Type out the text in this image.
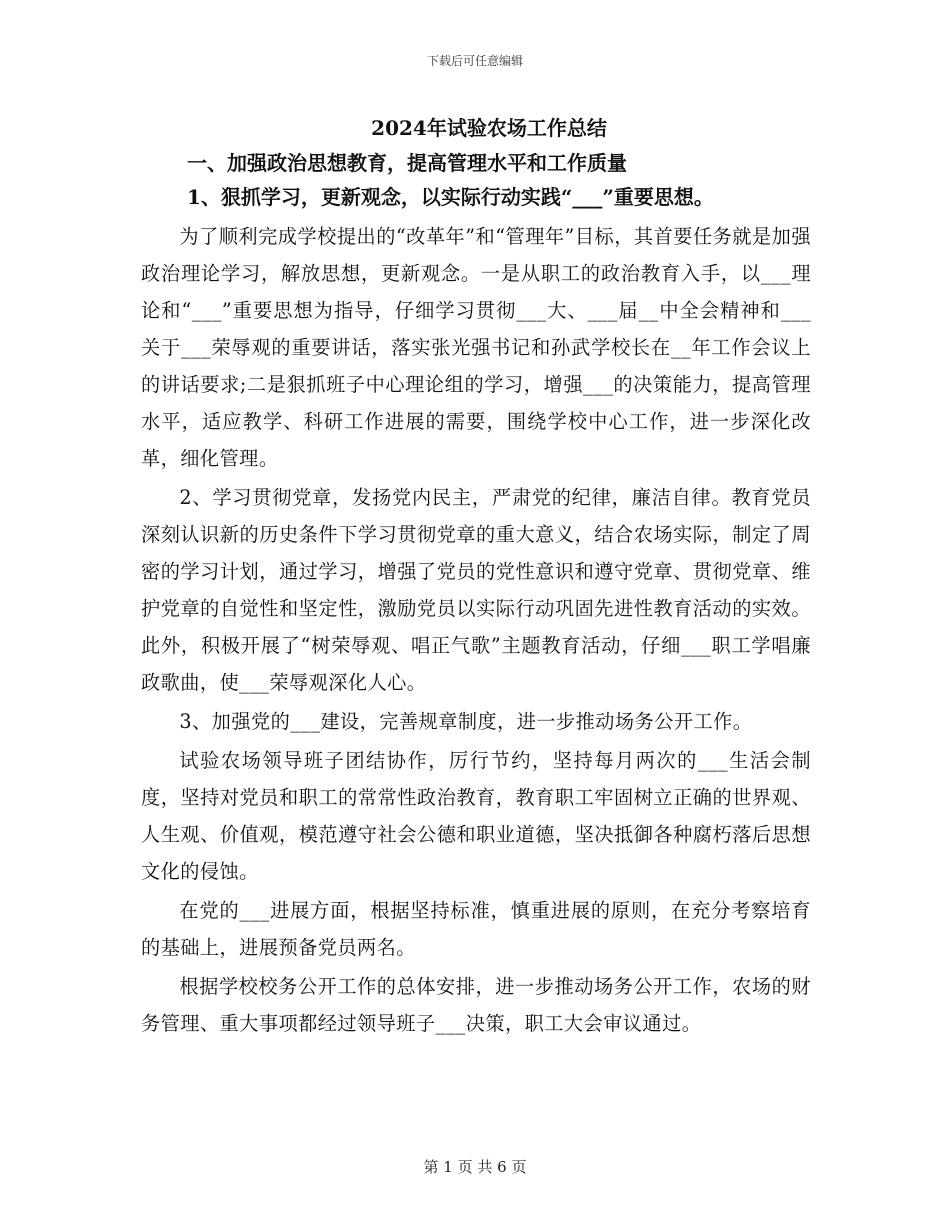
下载后可任意编辑
2024年试验农场工作总结
一、加强政治思想教育，提高管理水平和工作质量
1、狠抓学习，更新观念，以实际行动实践“___”重要思想。

为了顺利完成学校提出的“改革年”和“管理年”目标，其首要任务就是加强政治理论学习，解放思想，更新观念。一是从职工的政治教育入手，以___理论和“___”重要思想为指导，仔细学习贯彻___大、___届__中全会精神和___关于___荣辱观的重要讲话，落实张光强书记和孙武学校长在__年工作会议上的讲话要求;二是狠抓班子中心理论组的学习，增强___的决策能力，提高管理水平，适应教学、科研工作进展的需要，围绕学校中心工作，进一步深化改革，细化管理。

2、学习贯彻党章，发扬党内民主，严肃党的纪律，廉洁自律。教育党员深刻认识新的历史条件下学习贯彻党章的重大意义，结合农场实际，制定了周密的学习计划，通过学习，增强了党员的党性意识和遵守党章、贯彻党章、维护党章的自觉性和坚定性，激励党员以实际行动巩固先进性教育活动的实效。此外，积极开展了“树荣辱观、唱正气歌”主题教育活动，仔细___职工学唱廉政歌曲，使___荣辱观深化人心。

3、加强党的___建设，完善规章制度，进一步推动场务公开工作。

试验农场领导班子团结协作，厉行节约，坚持每月两次的___生活会制度，坚持对党员和职工的常常性政治教育，教育职工牢固树立正确的世界观、人生观、价值观，模范遵守社会公德和职业道德，坚决抵御各种腐朽落后思想文化的侵蚀。

在党的___进展方面，根据坚持标准，慎重进展的原则，在充分考察培育的基础上，进展预备党员两名。

根据学校校务公开工作的总体安排，进一步推动场务公开工作，农场的财务管理、重大事项都经过领导班子___决策，职工大会审议通过。

第 1 页 共 6 页
